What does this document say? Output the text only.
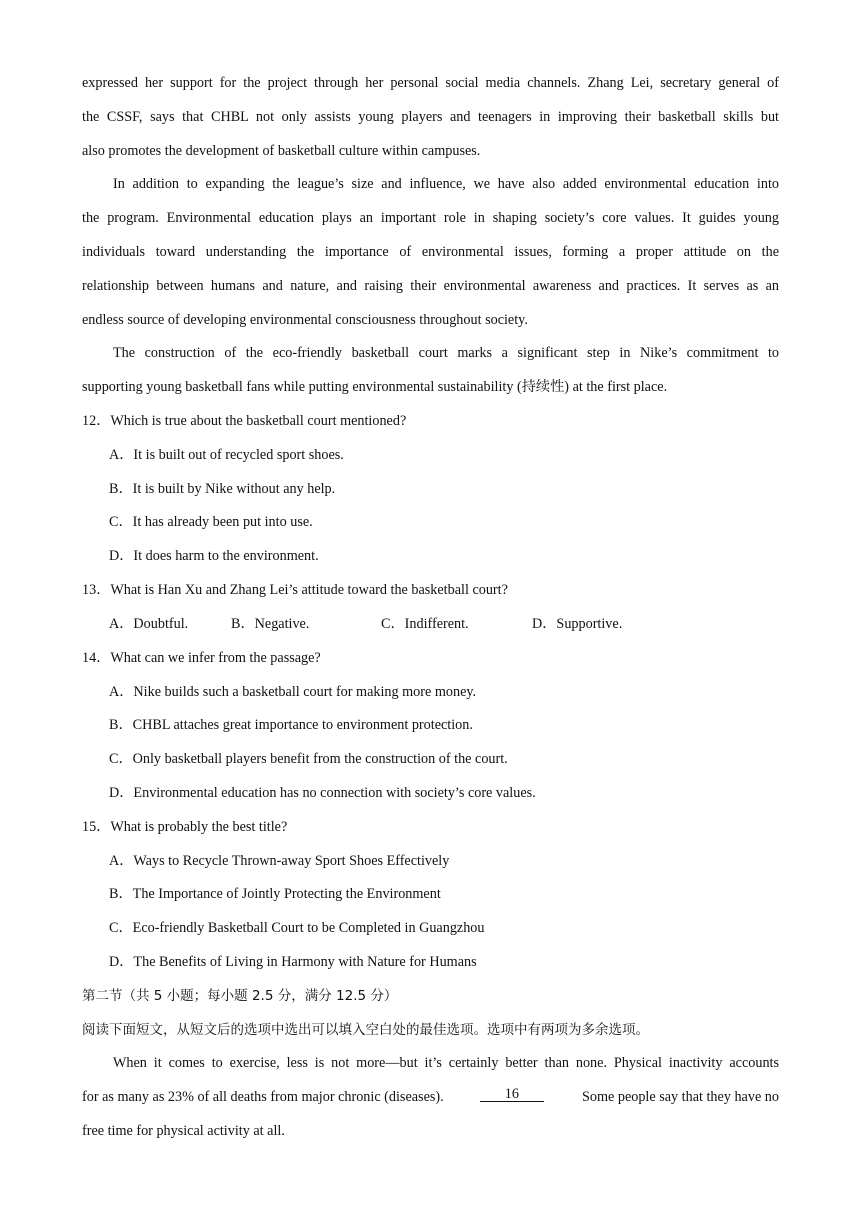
expressed her support for the project through her personal social media channels. Zhang Lei, secretary general of
the CSSF, says that CHBL not only assists young players and teenagers in improving their basketball skills but
also promotes the development of basketball culture within campuses.
In addition to expanding the league’s size and influence, we have also added environmental education into
the program. Environmental education plays an important role in shaping society’s core values. It guides young
individuals toward understanding the importance of environmental issues, forming a proper attitude on the
relationship between humans and nature, and raising their environmental awareness and practices. It serves as an
endless source of developing environmental consciousness throughout society.
The construction of the eco-friendly basketball court marks a significant step in Nike’s commitment to
supporting young basketball fans while putting environmental sustainability (持续性) at the first place.
12．Which is true about the basketball court mentioned?
A．It is built out of recycled sport shoes.
B．It is built by Nike without any help.
C．It has already been put into use.
D．It does harm to the environment.
13．What is Han Xu and Zhang Lei’s attitude toward the basketball court?
A．Doubtful.	B．Negative.	C．Indifferent.	D．Supportive.
14．What can we infer from the passage?
A．Nike builds such a basketball court for making more money.
B．CHBL attaches great importance to environment protection.
C．Only basketball players benefit from the construction of the court.
D．Environmental education has no connection with society’s core values.
15．What is probably the best title?
A．Ways to Recycle Thrown-away Sport Shoes Effectively
B．The Importance of Jointly Protecting the Environment
C．Eco-friendly Basketball Court to be Completed in Guangzhou
D．The Benefits of Living in Harmony with Nature for Humans
第二节（共 5 小题；每小题 2.5 分，满分 12.5 分）
阅读下面短文，从短文后的选项中选出可以填入空白处的最佳选项。选项中有两项为多余选项。
When it comes to exercise, less is not more—but it’s certainly better than none. Physical inactivity accounts
for as many as 23% of all deaths from major chronic (diseases).	16	Some people say that they have no
free time for physical activity at all.
